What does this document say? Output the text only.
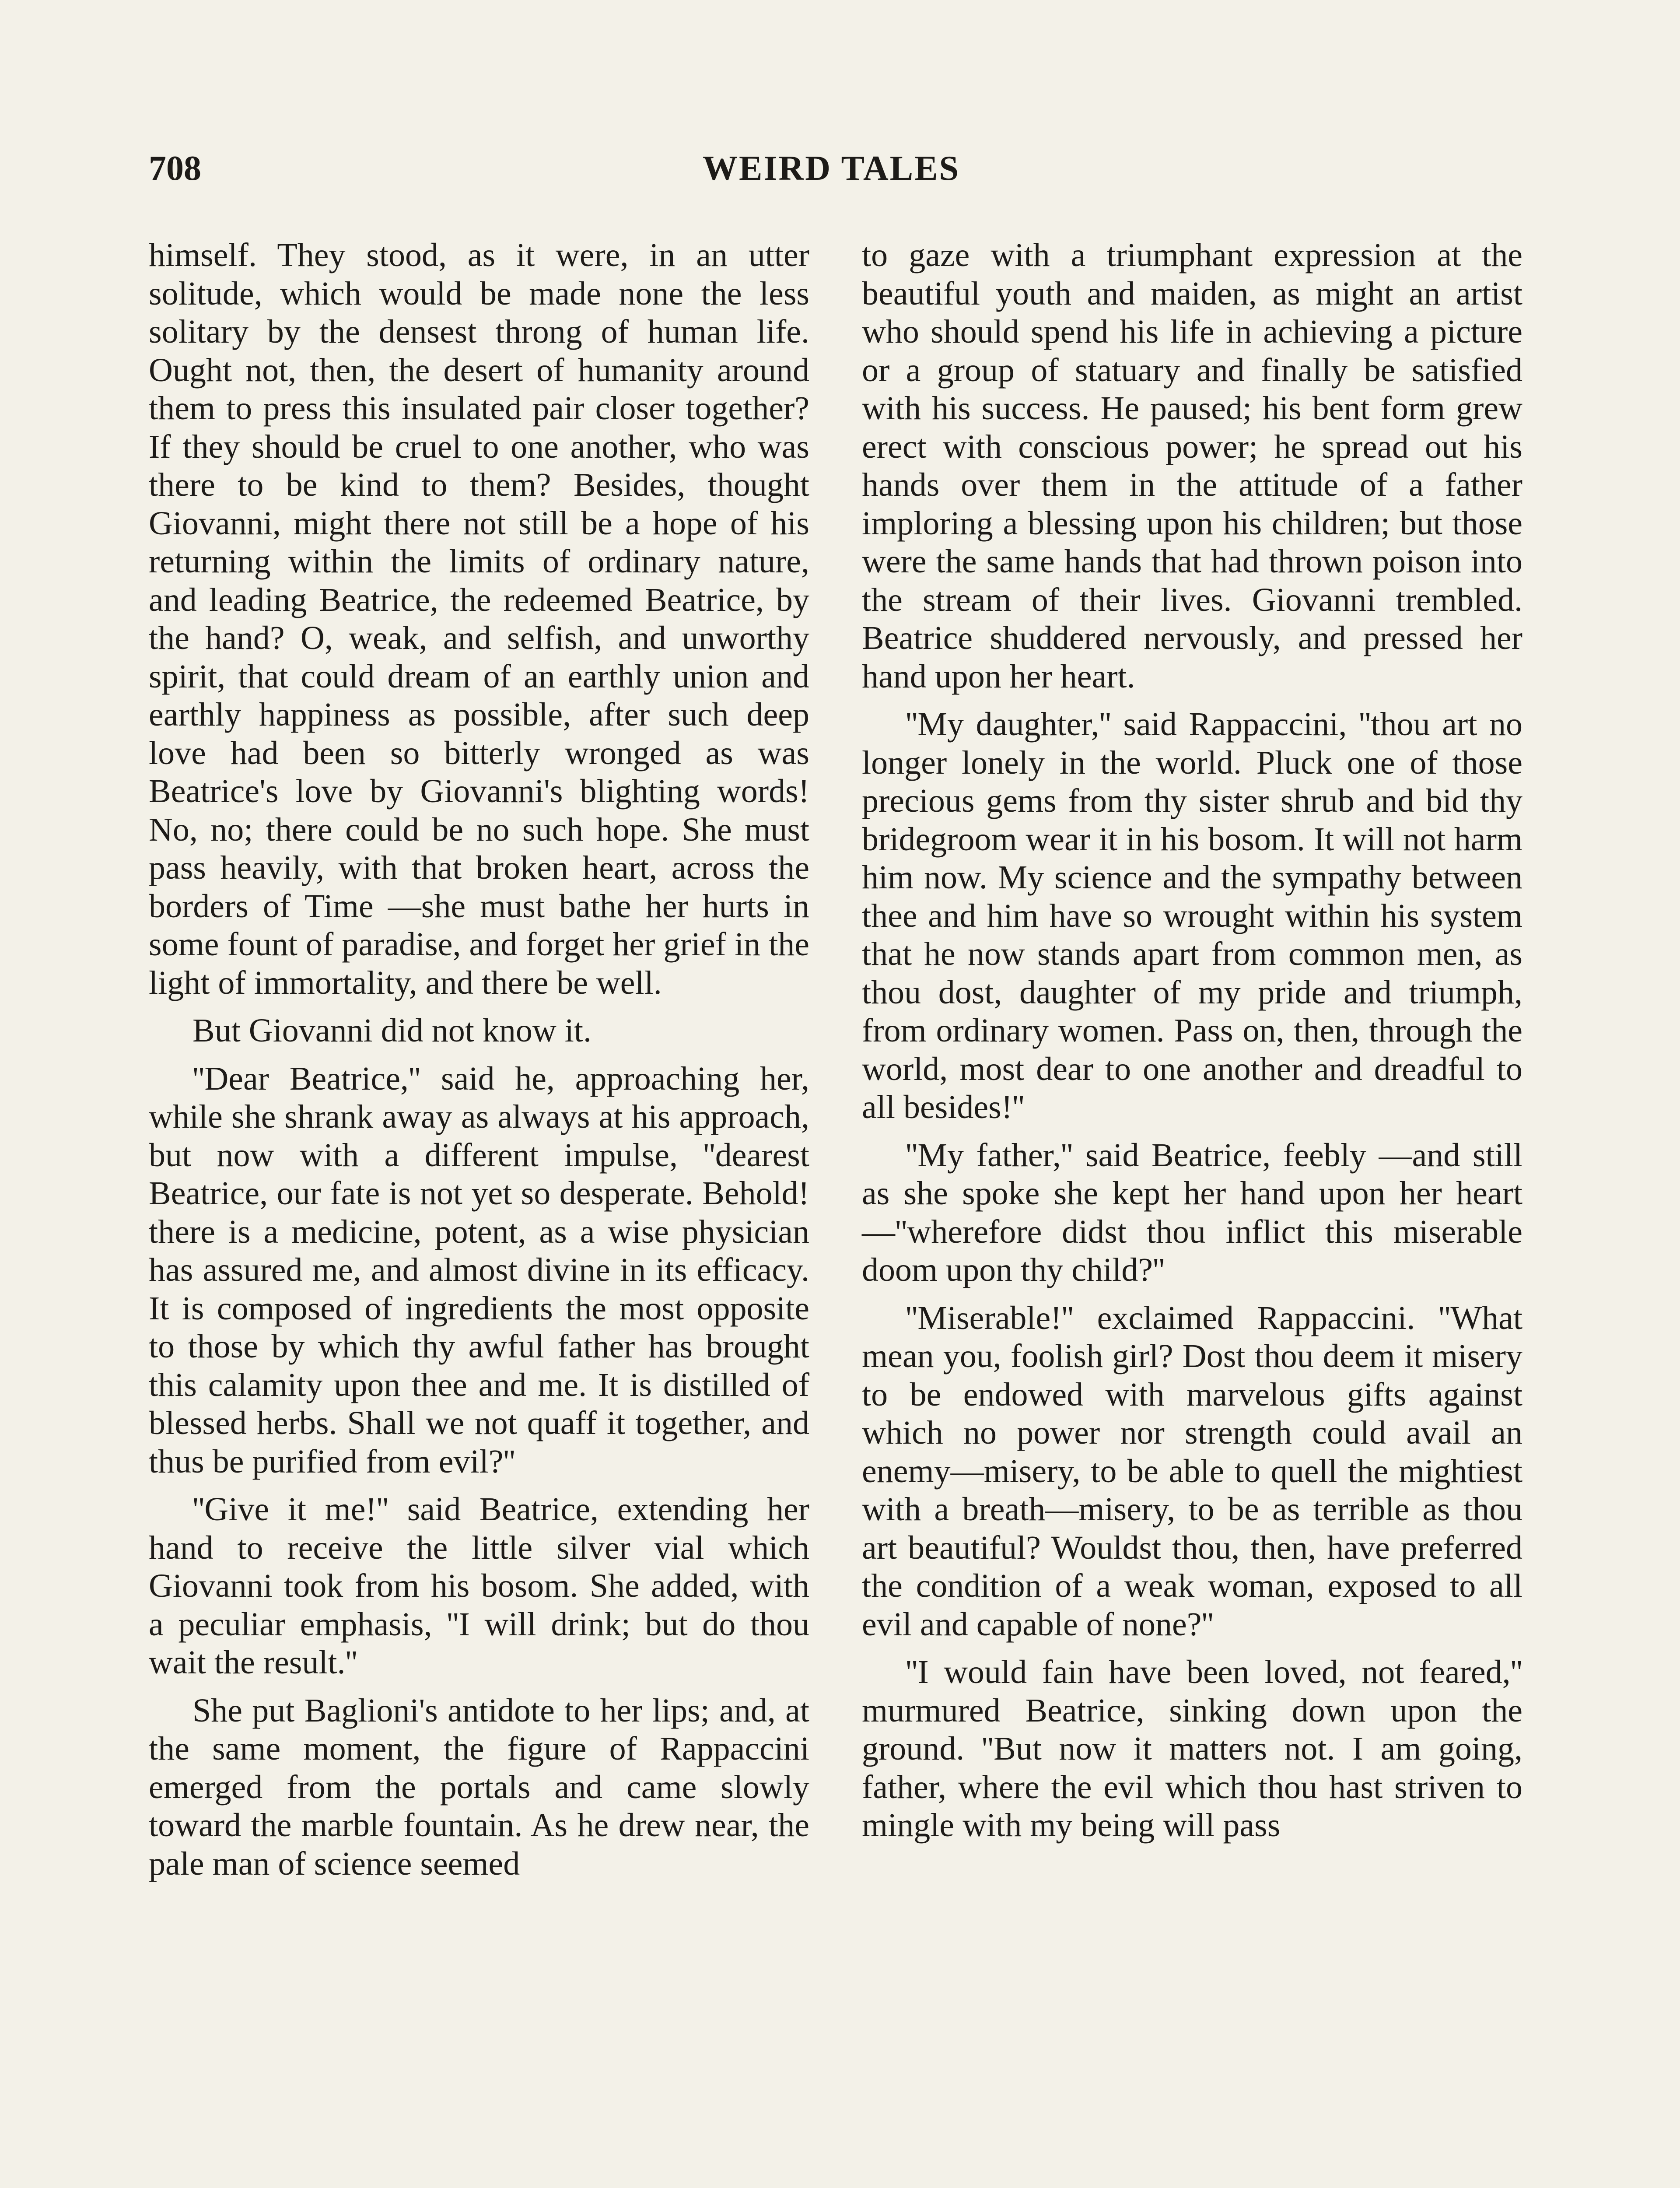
708	WEIRD TALES

himself. They stood, as it were, in an utter solitude, which would be made none the less solitary by the densest throng of human life. Ought not, then, the desert of humanity around them to press this insulated pair closer together? If they should be cruel to one another, who was there to be kind to them? Besides, thought Giovanni, might there not still be a hope of his returning within the limits of ordinary nature, and leading Beatrice, the redeemed Beatrice, by the hand? O, weak, and selfish, and unworthy spirit, that could dream of an earthly union and earthly happiness as possible, after such deep love had been so bitterly wronged as was Beatrice's love by Giovanni's blighting words! No, no; there could be no such hope. She must pass heavily, with that broken heart, across the borders of Time —she must bathe her hurts in some fount of paradise, and forget her grief in the light of immortality, and there be well.

But Giovanni did not know it.

''Dear Beatrice,'' said he, approaching her, while she shrank away as always at his approach, but now with a different impulse, ''dearest Beatrice, our fate is not yet so desperate. Behold! there is a medicine, potent, as a wise physician has assured me, and almost divine in its efficacy. It is composed of ingredients the most opposite to those by which thy awful father has brought this calamity upon thee and me. It is distilled of blessed herbs. Shall we not quaff it together, and thus be purified from evil?''

''Give it me!'' said Beatrice, extending her hand to receive the little silver vial which Giovanni took from his bosom. She added, with a peculiar emphasis, ''I will drink; but do thou wait the result.''

She put Baglioni's antidote to her lips; and, at the same moment, the figure of Rappaccini emerged from the portals and came slowly toward the marble fountain. As he drew near, the pale man of science seemed

to gaze with a triumphant expression at the beautiful youth and maiden, as might an artist who should spend his life in achieving a picture or a group of statuary and finally be satisfied with his success. He paused; his bent form grew erect with conscious power; he spread out his hands over them in the attitude of a father imploring a blessing upon his children; but those were the same hands that had thrown poison into the stream of their lives. Giovanni trembled. Beatrice shuddered nervously, and pressed her hand upon her heart.

''My daughter,'' said Rappaccini, ''thou art no longer lonely in the world. Pluck one of those precious gems from thy sister shrub and bid thy bridegroom wear it in his bosom. It will not harm him now. My science and the sympathy between thee and him have so wrought within his system that he now stands apart from common men, as thou dost, daughter of my pride and triumph, from ordinary women. Pass on, then, through the world, most dear to one another and dreadful to all besides!''

''My father,'' said Beatrice, feebly —and still as she spoke she kept her hand upon her heart—''wherefore didst thou inflict this miserable doom upon thy child?''

''Miserable!'' exclaimed Rappaccini. ''What mean you, foolish girl? Dost thou deem it misery to be endowed with marvelous gifts against which no power nor strength could avail an enemy—misery, to be able to quell the mightiest with a breath—misery, to be as terrible as thou art beautiful? Wouldst thou, then, have preferred the condition of a weak woman, exposed to all evil and capable of none?''

''I would fain have been loved, not feared,'' murmured Beatrice, sinking down upon the ground. ''But now it matters not. I am going, father, where the evil which thou hast striven to mingle with my being will pass
